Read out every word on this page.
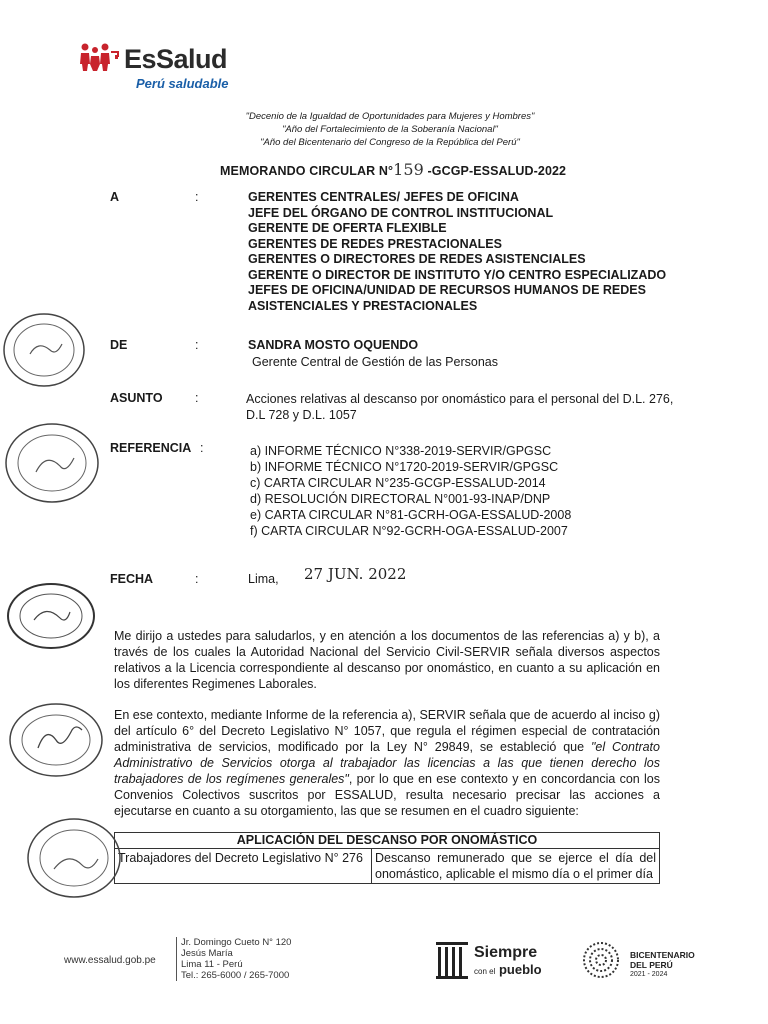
EsSalud
Perú saludable
"Decenio de la Igualdad de Oportunidades para Mujeres y Hombres"
"Año del Fortalecimiento de la Soberanía Nacional"
"Año del Bicentenario del Congreso de la República del Perú"
MEMORANDO CIRCULAR N°159 -GCGP-ESSALUD-2022
A	:	GERENTES CENTRALES/ JEFES DE OFICINA
JEFE DEL ÓRGANO DE CONTROL INSTITUCIONAL
GERENTE DE OFERTA FLEXIBLE
GERENTES DE REDES PRESTACIONALES
GERENTES O DIRECTORES DE REDES ASISTENCIALES
GERENTE O DIRECTOR DE INSTITUTO Y/O CENTRO ESPECIALIZADO
JEFES DE OFICINA/UNIDAD DE RECURSOS HUMANOS DE REDES
ASISTENCIALES Y PRESTACIONALES
DE	:	SANDRA MOSTO OQUENDO
Gerente Central de Gestión de las Personas
ASUNTO	:	Acciones relativas al descanso por onomástico para el personal del D.L. 276, D.L 728 y D.L. 1057
REFERENCIA :	a) INFORME TÉCNICO N°338-2019-SERVIR/GPGSC
b) INFORME TÉCNICO N°1720-2019-SERVIR/GPGSC
c) CARTA CIRCULAR N°235-GCGP-ESSALUD-2014
d) RESOLUCIÓN DIRECTORAL N°001-93-INAP/DNP
e) CARTA CIRCULAR N°81-GCRH-OGA-ESSALUD-2008
f) CARTA CIRCULAR N°92-GCRH-OGA-ESSALUD-2007
FECHA	:	Lima, 27 JUN. 2022
Me dirijo a ustedes para saludarlos, y en atención a los documentos de las referencias a) y b), a través de los cuales la Autoridad Nacional del Servicio Civil-SERVIR señala diversos aspectos relativos a la Licencia correspondiente al descanso por onomástico, en cuanto a su aplicación en los diferentes Regimenes Laborales.
En ese contexto, mediante Informe de la referencia a), SERVIR señala que de acuerdo al inciso g) del artículo 6° del Decreto Legislativo N° 1057, que regula el régimen especial de contratación administrativa de servicios, modificado por la Ley N° 29849, se estableció que "el Contrato Administrativo de Servicios otorga al trabajador las licencias a las que tienen derecho los trabajadores de los regímenes generales", por lo que en ese contexto y en concordancia con los Convenios Colectivos suscritos por ESSALUD, resulta necesario precisar las acciones a ejecutarse en cuanto a su otorgamiento, las que se resumen en el cuadro siguiente:
APLICACIÓN DEL DESCANSO POR ONOMÁSTICO
Trabajadores del Decreto Legislativo N° 276	Descanso remunerado que se ejerce el día del onomástico, aplicable el mismo día o el primer día
www.essalud.gob.pe
Jr. Domingo Cueto N° 120
Jesús María
Lima 11 - Perú
Tel.: 265-6000 / 265-7000
Siempre
con el pueblo
BICENTENARIO
DEL PERÚ
2021 - 2024
